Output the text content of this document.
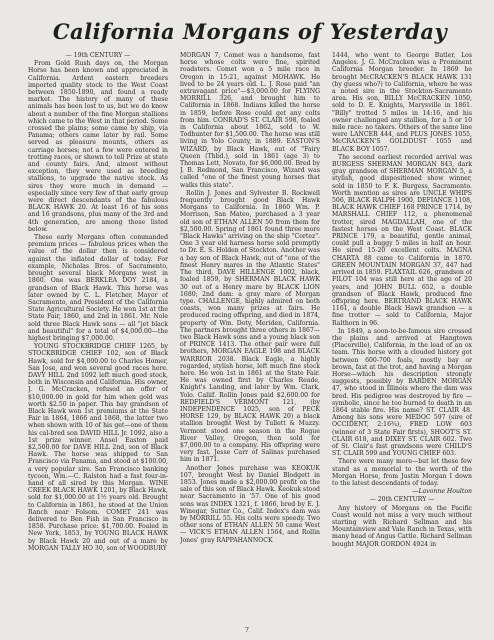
California Morgans of Yesterday

— 19th CENTURY —

From Gold Rush days on, the Morgan Horse has been known and appreciated in California. Ardent eastern breeders imported quality stock to the West Coast between 1850-1890, and found a ready market. The history of many of these animals has been lost to us, but we do know about a number of the fine Morgan stallions which came to the West in that period. Some crossed the plains; some came by ship, via Panama; others came later by rail. Some served as pleasure mounts, others as carriage horses; not a few were entered in trotting races, or shown to tell Prize at state and county fairs. And, almost without exception, they were used as breeding stallions, to upgrade the native stock. As sires they were much in demand — especially since very few of that early group were direct descendants of the fabulous BLACK HAWK 20. At least 16 of his sons and 16 grandsons, plus many of the 3rd and 4th generation, are among those listed below.

These early Morgans often commanded premium prices — fabulous prices when the value of the dollar then is considered against the inflated dollar of today. For example, Nicholas Bros. of Sacramento, brought several black Morgans west in 1860. One was BERKLEA DOY 2184, a grandson of Black Hawk. This horse was later owned by C. L. Fletcher, Mayor of Sacramento, and President of the California State Agricultural Society. He won 1st at the State Fair, 1860, and 2nd in 1861. Mr. Nole sold three Black Hawk sons — all "jet black and beautiful" for a total of $4,000.00—the highest bringing $7,000.00.

YOUNG STOCKBRIDGE CHIEF 1265, by STOCKBRIDGE CHIEF 102, son of Black Hawk, sold for $4,000.00 to Charles Homer, San Jose, and won several good races here. DAVY HILL 2nd 1092 left much good stock, both in Wisconsin and California. His owner, J. G. McCracken, refused an offer of $10,000.00 in gold for him when gold was worth $2.50 in paper. This bay grandson of Black Hawk won 1st premiums at the State Fair in 1864, 1866 and 1868, the latter two when shown with 10 of his get—one of them his cal-bred son DAVID HILL Jr. 1092, also a 1st prize winner. Ansel Easton paid $2,500.00 for DAVE HILL 2nd, son of Black Hawk. The horse was shipped to San Francisco via Panama, and stood at $100.00, a very popular sire. San Francisco banking tycoon, Wm.—C. Ralston had a fast four-in-hand of all sired by this Morgan. WINE CREEK BLACK HAWK 1201, by Black Hawk, sold for $1,000.00 at 1½ years old. Brought to California in 1861, he stood at the Union Ranch near Folsom. COMET 241 was delivered to Ben Fish in San Francisco in 1858. Purchase price: $1,700.00. Foaled in New York, 1853, by YOUNG BLACK HAWK by Black Hawk 20 and out of a mare by MORGAN TALLY HO 30, son of WOODBURY

MORGAN 7, Comet was a handsome, fast horse whose colts were fine, spirited roadsters. Comet won a 5 mile race in Oregon in 15:21, against MOHAWK. He lived to be 24 years old. L. J. Rose paid "an extravagant price"—$3,000.00 for FLYING MORRILL 326, and brought him to California in 1868. Indians killed the horse in 1859, before Rose could get any colts from him. CONRAD'S ST. CLAIR 598, foaled in California about 1862, sold to W. Todhunter for $1,500.00. The horse was still living in Yolo County, in 1889. EASTON'S WIZARD, by Black Hawk, out of "Fairy Queen (Thbd.), sold in 1861 (age 3) to Thomas Lett, Novato, for $6,000.00. Bred by J. B. Redmond, San Francisco, Wizard was called "one of the finest young horses that walks this state".

Rollin J. Jones and Sylvester B. Rockwell frequently brought good Black Hawk Morgans to California. In 1860 Wm. P. Morrison, San Mateo, purchased a 3 year old son of ETHAN ALLEN 50 from them for $2,500.00. Spring of 1861 found three more "Black Hawks" arriving on the ship "Cortez". One 3 year old harness horse sold promptly to Dr. E. S. Holden of Stockton. Another was a bay son of Black Hawk, out of "one of the finest Henry mares in the Atlantic States" The third, DAVE HILLENGE 1002, black, foaled 1859, by SHERMAN BLACK HAWK 30 out of a Henry mare by BLACK LION 1680; 2nd dam: a gray mare of Morgan type. CHALLENGE, highly admired on both coasts, won many prizes at fairs. He produced racing offspring, and died in 1874, property of Wm. Doty, Meriden, California. The partners brought three others in 1867—two Black Hawk sons and a young black son of PRINCE 1413. The other pair were full brothers, MORGAN EAGLE 198 and BLACK WARRIOR 2038. Black Eagle, a highly regarded, stylish horse, left much fine stock here. He won 1st in 1861 at the State Fair. He was owned first by Charles Reade, Knight's Landing, and later by Wm. Clark, Yolo. Caliif. Rollin Jones paid $2,600.00 for REDFIELD'S VERMONT 121, (by INDEPENDENCE 1025, son of PECK HORSE 129, by BLACK HAWK 20) a black stallion brought West by Tullett & Muzzy. Vermont stood one season in the Rogue River Valley, Oregon, then sold for $7,000.00 to a company. His offspring were very fast. Jesse Carr of Salinas purchased him in 1871.

Another Jones purchase was KEOKUK 107, brought West by Daniel Blodgett in 1853. Jones made a $2,000.00 profit on the sale of this son of Black Hawk. Keokuk stood near Sacramento in '57. One of his good sons was INDEX 1321, f. 1866, bred by E. J. Winegar, Sutter Co., Calif. Index's dam was by MORRILL 55. His colts were speedy. Two other sons of ETHAN ALLEN 50 came West — VICK'S ETHAN ALLEN 1564, and Rollin Jones' gray RAPPAHANNOCK

1444, who went to George Butler, Los Angeles. J. G. McCracken was a Prominent California Morgan breeder. In 1869 he brought McCRACKEN'S BLACK HAWK 131 (by guess who?) to California, where he was a noted sire in the Stockton-Sacramento area. His son, BILLY McCRACKEN 1050, sold to D. E. Knights, Marysville in 1861. "Billy" trotted 5 miles in 14:16, and his owner challenged any stallion, for a 5 or 10 mile race: no takers. Others of the same line were LANCER 444, and PLUS JONES 1055, McCRACKEN'S GOLDDUST 1055 and BLACK BOY 1057.

The second earliest recorded arrival was BURGESS SHERMAN MORGAN 843, dark gray grandson of SHERMAN MORGAN 5, a stylish, good dispositioned show winner, sold in 1850 to F. K. Burgess, Sacramento. Worth mention as sires are UNCLE WHIPS 506, BLACK RALPH 1900, DEFIANCE 1108, BLACK HAWK CHIEF 168 PRINCE 1714, by MARSHALL CHIEF 112, a phenomenal trotter, sired MAGDALLAH, one of the fastest horses on the West Coast. BLACK PRINCE 179, a beautiful, gentle animal, could pull a buggy 5 miles in half an hour. He sired 15-20 excellent colts. MAGNA CHARTA 88 came to California in 1870. GREEN MOUNTAIN MORGAN 37, 447 had arrived in 1859. FLAXTAIL 626, grandson of FILOT 104 was still here at the age of 20 years, and JOHN BULL 652, a double grandson of Black Hawk, produced fine offspring here. BERTRAND BLACK HAWK 1161, a double Black Hawk grandson — a fine trotter — sold to California, Major Ralthorn in 96.

In 1849, a soon-to-be-famous sire crossed the plains and arrived at Hangtown (Placerville), California, in the lead of an ox team. This horse with a clouded history got between 600-700 foals, mostly bay or brown, fast at the trot, and having a Morgan Horse—which his description strongly suggests, possibly by BARDEN MORGAN 47, who stood in Illinois where the dam was bred. His pedigree was destroyed by fire — symbolic, since he too burned to death in an 1864 stable fire. His name? ST. CLAIR 48. Among his sons were MEDOC 597 (sire of OCCIDENT, 2:16¾), FRED LOW 603 (winner of 3 State Fair firsts), SHOOT'S ST. CLAIR 618, and DIXEY ST. CLAIR 602. Two of St. Clair's fast grandsons were CHILD'S ST. CLAIR 599 and YOUNG CHIEF 603.

There were many more—but let these few stand as a memorial to the worth of the Morgan Horse, from Justin Morgan I down to the latest descendants of today.

—Lavonne Houlton

— 20th CENTURY —

Any history of Morgans on the Pacific Coast would not miss a very much without starting with Richard Sellman and his Mountainview and Vale Ranch in Texas, with many head of Angus Cattle. Richard Sellman bought MAJOR GORDON 4924 in

7
